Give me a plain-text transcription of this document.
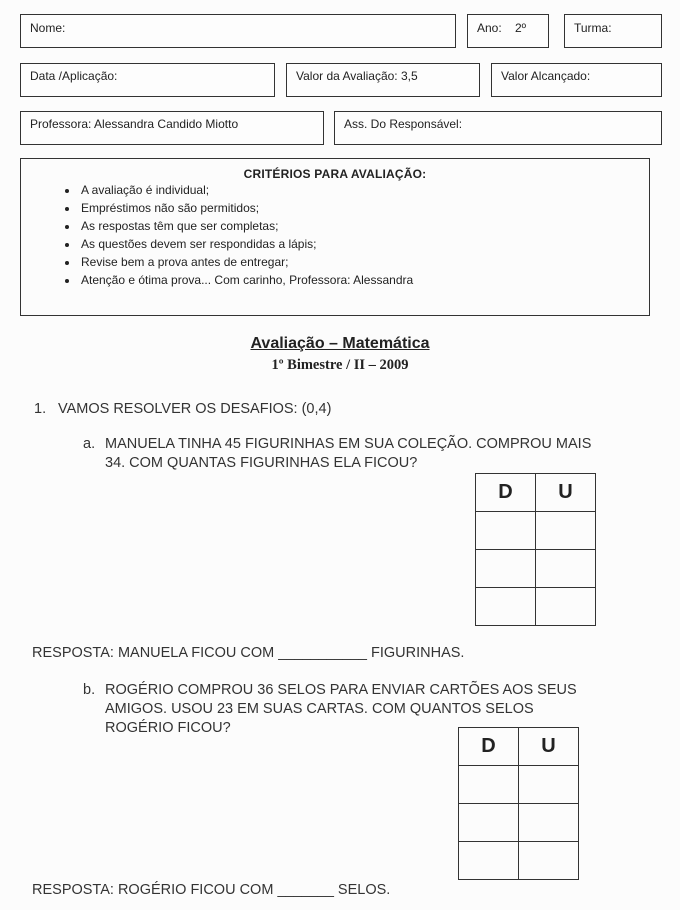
Nome:	Ano: 2º	Turma:
Data /Aplicação:	Valor da Avaliação: 3,5	Valor Alcançado:
Professora: Alessandra Candido Miotto	Ass. Do Responsável:
CRITÉRIOS PARA AVALIAÇÃO:
• A avaliação é individual;
• Empréstimos não são permitidos;
• As respostas têm que ser completas;
• As questões devem ser respondidas a lápis;
• Revise bem a prova antes de entregar;
• Atenção e ótima prova... Com carinho, Professora: Alessandra
Avaliação – Matemática
1º Bimestre / II – 2009
1. VAMOS RESOLVER OS DESAFIOS: (0,4)
a. MANUELA TINHA 45 FIGURINHAS EM SUA COLEÇÃO. COMPROU MAIS
34. COM QUANTAS FIGURINHAS ELA FICOU?
D	U

RESPOSTA: MANUELA FICOU COM ___________ FIGURINHAS.
b. ROGÉRIO COMPROU 36 SELOS PARA ENVIAR CARTÕES AOS SEUS
AMIGOS. USOU 23 EM SUAS CARTAS. COM QUANTOS SELOS
ROGÉRIO FICOU?
D	U

RESPOSTA: ROGÉRIO FICOU COM _______ SELOS.
